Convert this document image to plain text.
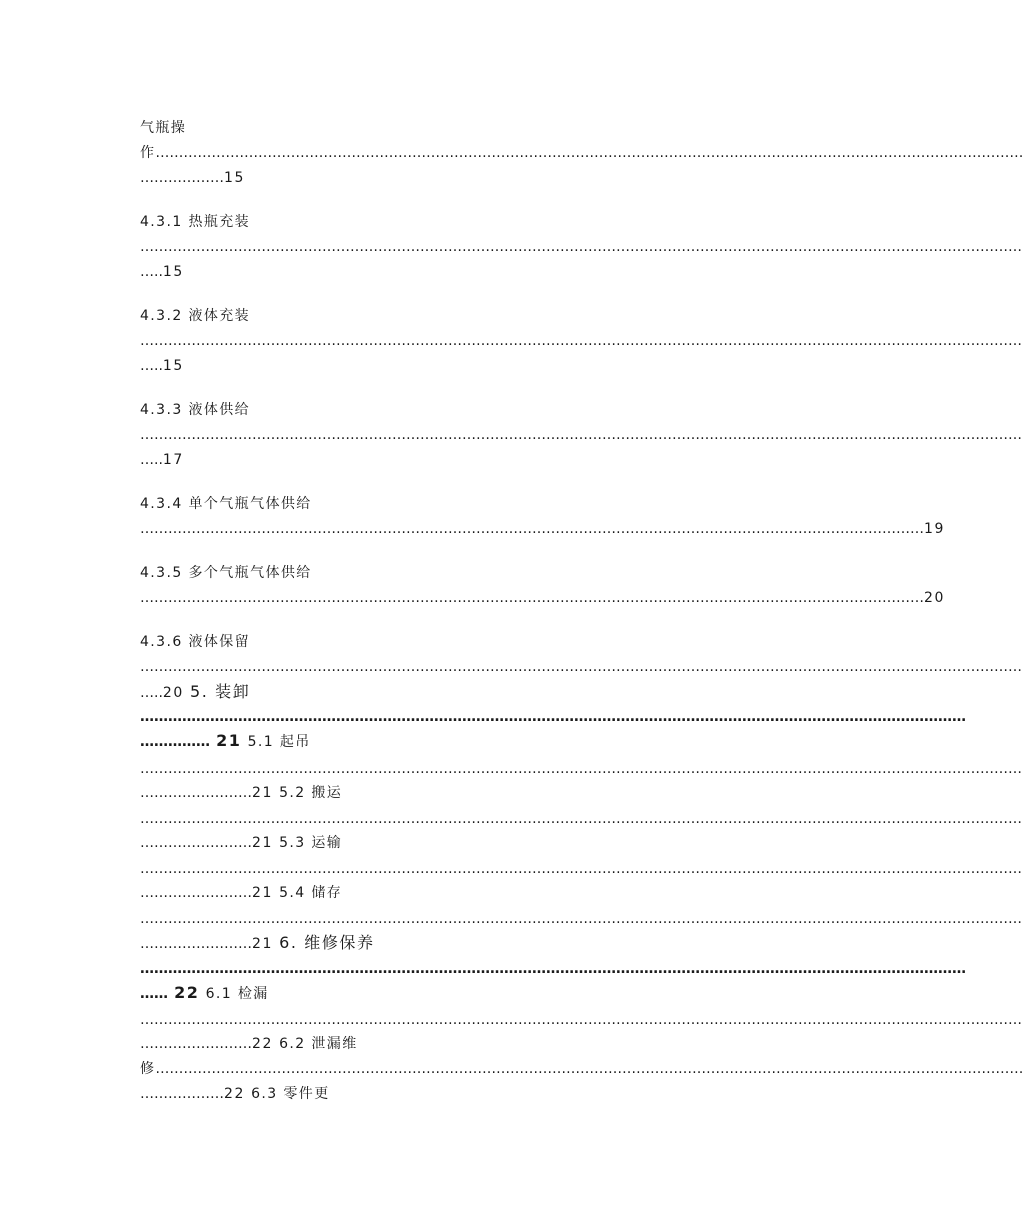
气瓶操
作……………………………………………………………………………………………………………………………………………………………………
………………15
4.3.1 热瓶充装
………………………………………………………………………………………………………………………………………………………………………
…..15
4.3.2 液体充装
………………………………………………………………………………………………………………………………………………………………………
…..15
4.3.3 液体供给
………………………………………………………………………………………………………………………………………………………………………
…..17
4.3.4 单个气瓶气体供给
……………………………………………………………………………………………………………………………………………………19
4.3.5 多个气瓶气体供给
……………………………………………………………………………………………………………………………………………………20
4.3.6 液体保留
………………………………………………………………………………………………………………………………………………………………………
…..20 5. 装卸
……………………………………………………………………………………………………………………………………………………………
…………… 21 5.1 起吊
………………………………………………………………………………………………………………………………………………………………………
……………………21 5.2 搬运
………………………………………………………………………………………………………………………………………………………………………
……………………21 5.3 运输
………………………………………………………………………………………………………………………………………………………………………
……………………21 5.4 储存
………………………………………………………………………………………………………………………………………………………………………
……………………21 6. 维修保养
……………………………………………………………………………………………………………………………………………………………
…… 22 6.1 检漏
………………………………………………………………………………………………………………………………………………………………………
……………………22 6.2 泄漏维
修……………………………………………………………………………………………………………………………………………………………………
………………22 6.3 零件更
